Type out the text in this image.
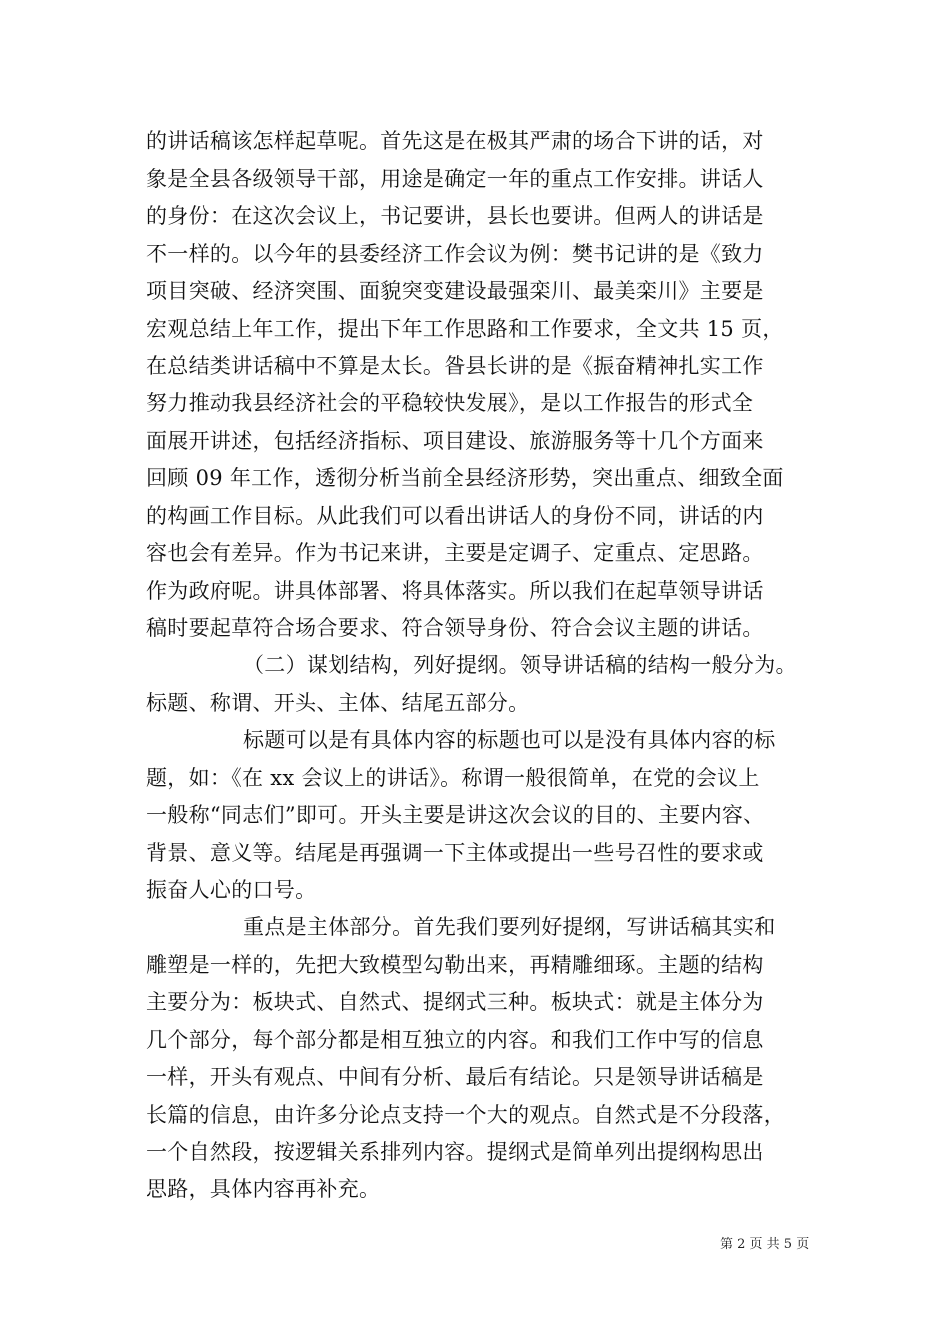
的讲话稿该怎样起草呢。首先这是在极其严肃的场合下讲的话，对
象是全县各级领导干部，用途是确定一年的重点工作安排。讲话人
的身份：在这次会议上，书记要讲，县长也要讲。但两人的讲话是
不一样的。以今年的县委经济工作会议为例：樊书记讲的是《致力
项目突破、经济突围、面貌突变建设最强栾川、最美栾川》主要是
宏观总结上年工作，提出下年工作思路和工作要求，全文共 15 页，
在总结类讲话稿中不算是太长。昝县长讲的是《振奋精神扎实工作
努力推动我县经济社会的平稳较快发展》，是以工作报告的形式全
面展开讲述，包括经济指标、项目建设、旅游服务等十几个方面来
回顾 09 年工作，透彻分析当前全县经济形势，突出重点、细致全面
的构画工作目标。从此我们可以看出讲话人的身份不同，讲话的内
容也会有差异。作为书记来讲，主要是定调子、定重点、定思路。
作为政府呢。讲具体部署、将具体落实。所以我们在起草领导讲话
稿时要起草符合场合要求、符合领导身份、符合会议主题的讲话。
（二）谋划结构，列好提纲。领导讲话稿的结构一般分为。
标题、称谓、开头、主体、结尾五部分。
标题可以是有具体内容的标题也可以是没有具体内容的标
题，如：《在 xx 会议上的讲话》。称谓一般很简单，在党的会议上
一般称“同志们”即可。开头主要是讲这次会议的目的、主要内容、
背景、意义等。结尾是再强调一下主体或提出一些号召性的要求或
振奋人心的口号。
重点是主体部分。首先我们要列好提纲，写讲话稿其实和
雕塑是一样的，先把大致模型勾勒出来，再精雕细琢。主题的结构
主要分为：板块式、自然式、提纲式三种。板块式：就是主体分为
几个部分，每个部分都是相互独立的内容。和我们工作中写的信息
一样，开头有观点、中间有分析、最后有结论。只是领导讲话稿是
长篇的信息，由许多分论点支持一个大的观点。自然式是不分段落，
一个自然段，按逻辑关系排列内容。提纲式是简单列出提纲构思出
思路，具体内容再补充。
第 2 页 共 5 页
